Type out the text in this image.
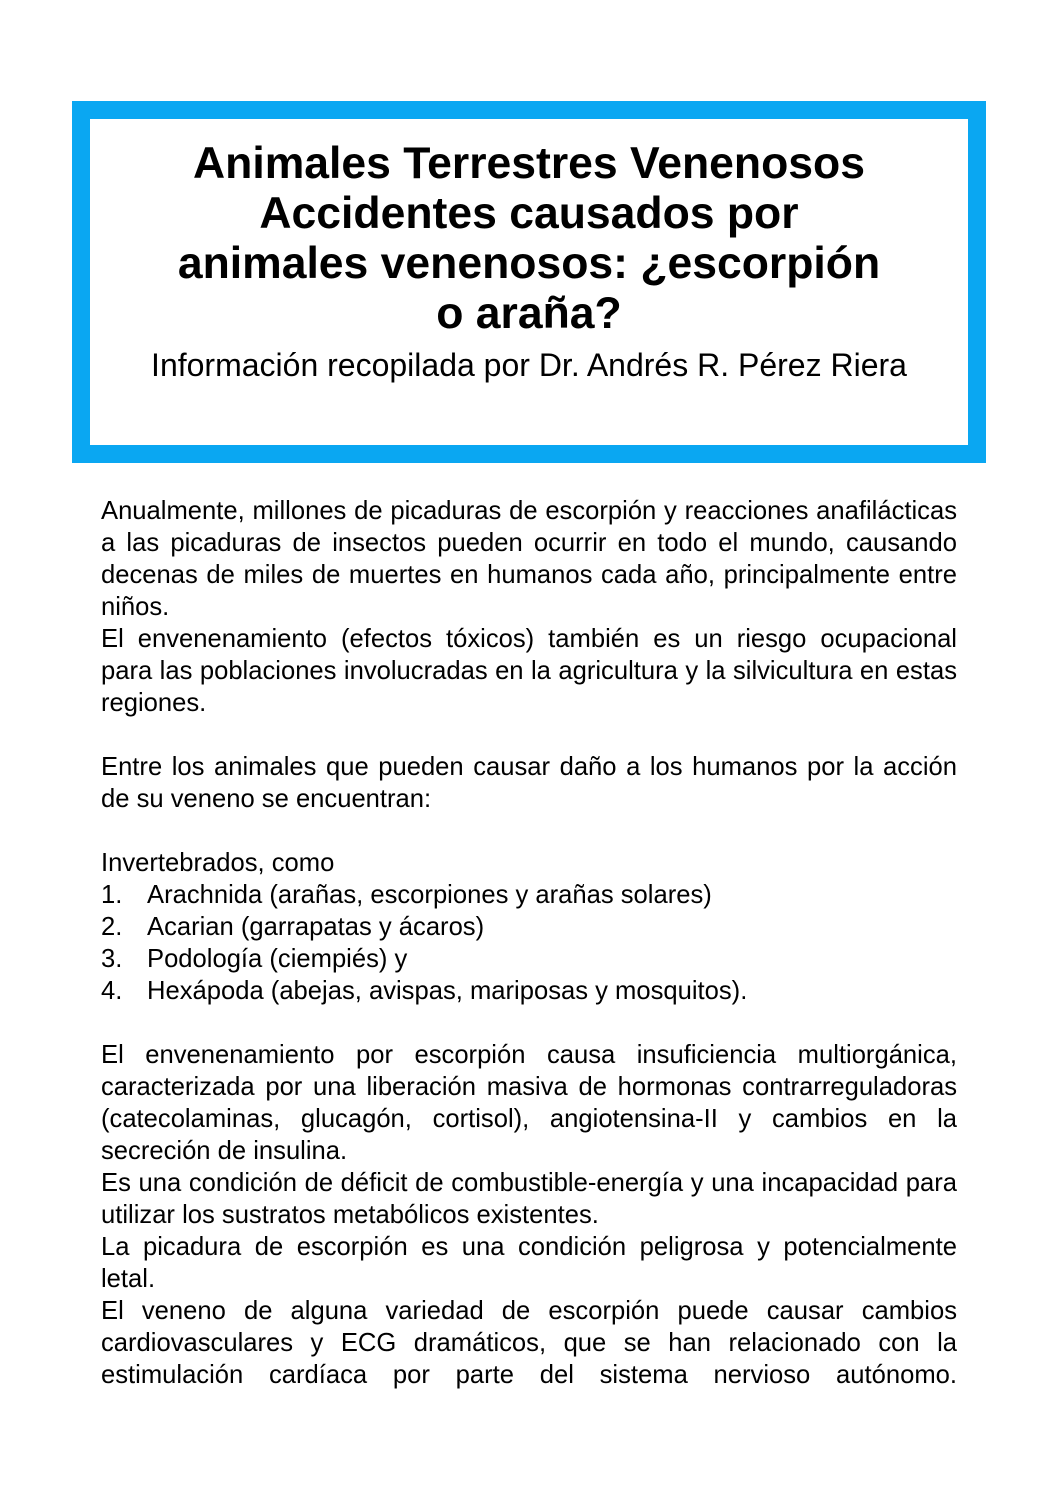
Animales Terrestres Venenosos
Accidentes causados por
animales venenosos: ¿escorpión
o araña?
Información recopilada por Dr. Andrés R. Pérez Riera

Anualmente, millones de picaduras de escorpión y reacciones anafilácticas a las picaduras de insectos pueden ocurrir en todo el mundo, causando decenas de miles de muertes en humanos cada año, principalmente entre niños.

El envenenamiento (efectos tóxicos) también es un riesgo ocupacional para las poblaciones involucradas en la agricultura y la silvicultura en estas regiones.

Entre los animales que pueden causar daño a los humanos por la acción de su veneno se encuentran:

Invertebrados, como

1. Arachnida (arañas, escorpiones y arañas solares)
2. Acarian (garrapatas y ácaros)
3. Podología (ciempiés) y
4. Hexápoda (abejas, avispas, mariposas y mosquitos).

El envenenamiento por escorpión causa insuficiencia multiorgánica, caracterizada por una liberación masiva de hormonas contrarreguladoras (catecolaminas, glucagón, cortisol), angiotensina-II y cambios en la secreción de insulina.

Es una condición de déficit de combustible-energía y una incapacidad para utilizar los sustratos metabólicos existentes.

La picadura de escorpión es una condición peligrosa y potencialmente letal.

El veneno de alguna variedad de escorpión puede causar cambios cardiovasculares y ECG dramáticos, que se han relacionado con la estimulación cardíaca por parte del sistema nervioso autónomo.
